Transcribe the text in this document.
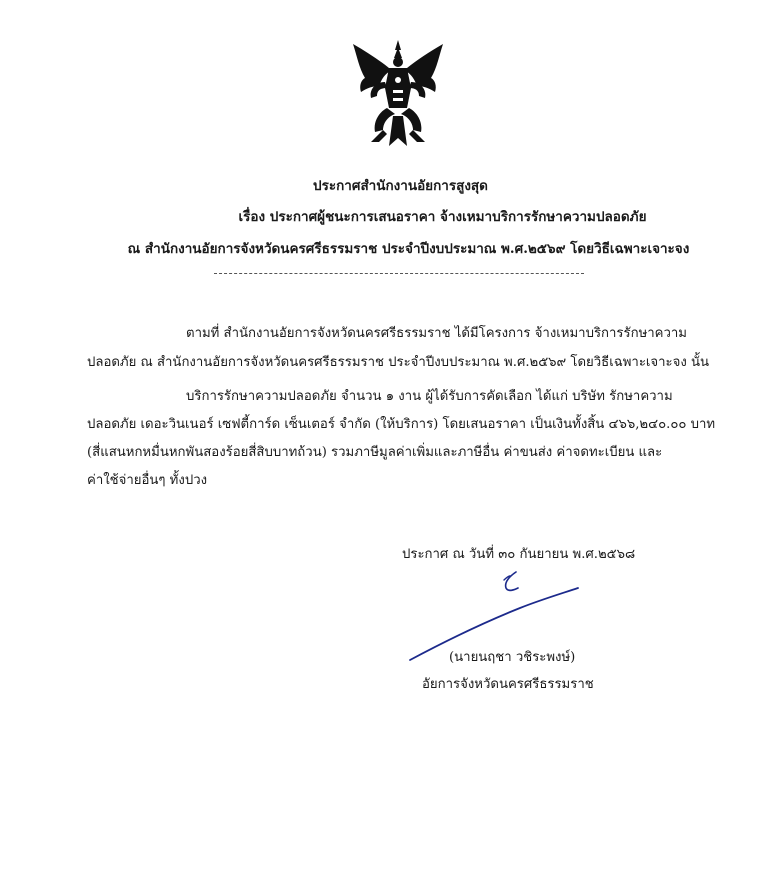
ประกาศสำนักงานอัยการสูงสุด
เรื่อง ประกาศผู้ชนะการเสนอราคา จ้างเหมาบริการรักษาความปลอดภัย
ณ สำนักงานอัยการจังหวัดนครศรีธรรมราช ประจำปีงบประมาณ พ.ศ.๒๕๖๙ โดยวิธีเฉพาะเจาะจง
ตามที่ สำนักงานอัยการจังหวัดนครศรีธรรมราช ได้มีโครงการ จ้างเหมาบริการรักษาความ
ปลอดภัย ณ สำนักงานอัยการจังหวัดนครศรีธรรมราช ประจำปีงบประมาณ พ.ศ.๒๕๖๙ โดยวิธีเฉพาะเจาะจง นั้น
บริการรักษาความปลอดภัย จำนวน ๑ งาน ผู้ได้รับการคัดเลือก ได้แก่ บริษัท รักษาความ
ปลอดภัย เดอะวินเนอร์ เซฟตี้การ์ด เซ็นเตอร์ จำกัด (ให้บริการ) โดยเสนอราคา เป็นเงินทั้งสิ้น ๔๖๖,๒๔๐.๐๐ บาท
(สี่แสนหกหมื่นหกพันสองร้อยสี่สิบบาทถ้วน) รวมภาษีมูลค่าเพิ่มและภาษีอื่น ค่าขนส่ง ค่าจดทะเบียน และ
ค่าใช้จ่ายอื่นๆ ทั้งปวง
ประกาศ ณ วันที่ ๓๐ กันยายน พ.ศ.๒๕๖๘
(นายนฤชา วชิระพงษ์)
อัยการจังหวัดนครศรีธรรมราช
